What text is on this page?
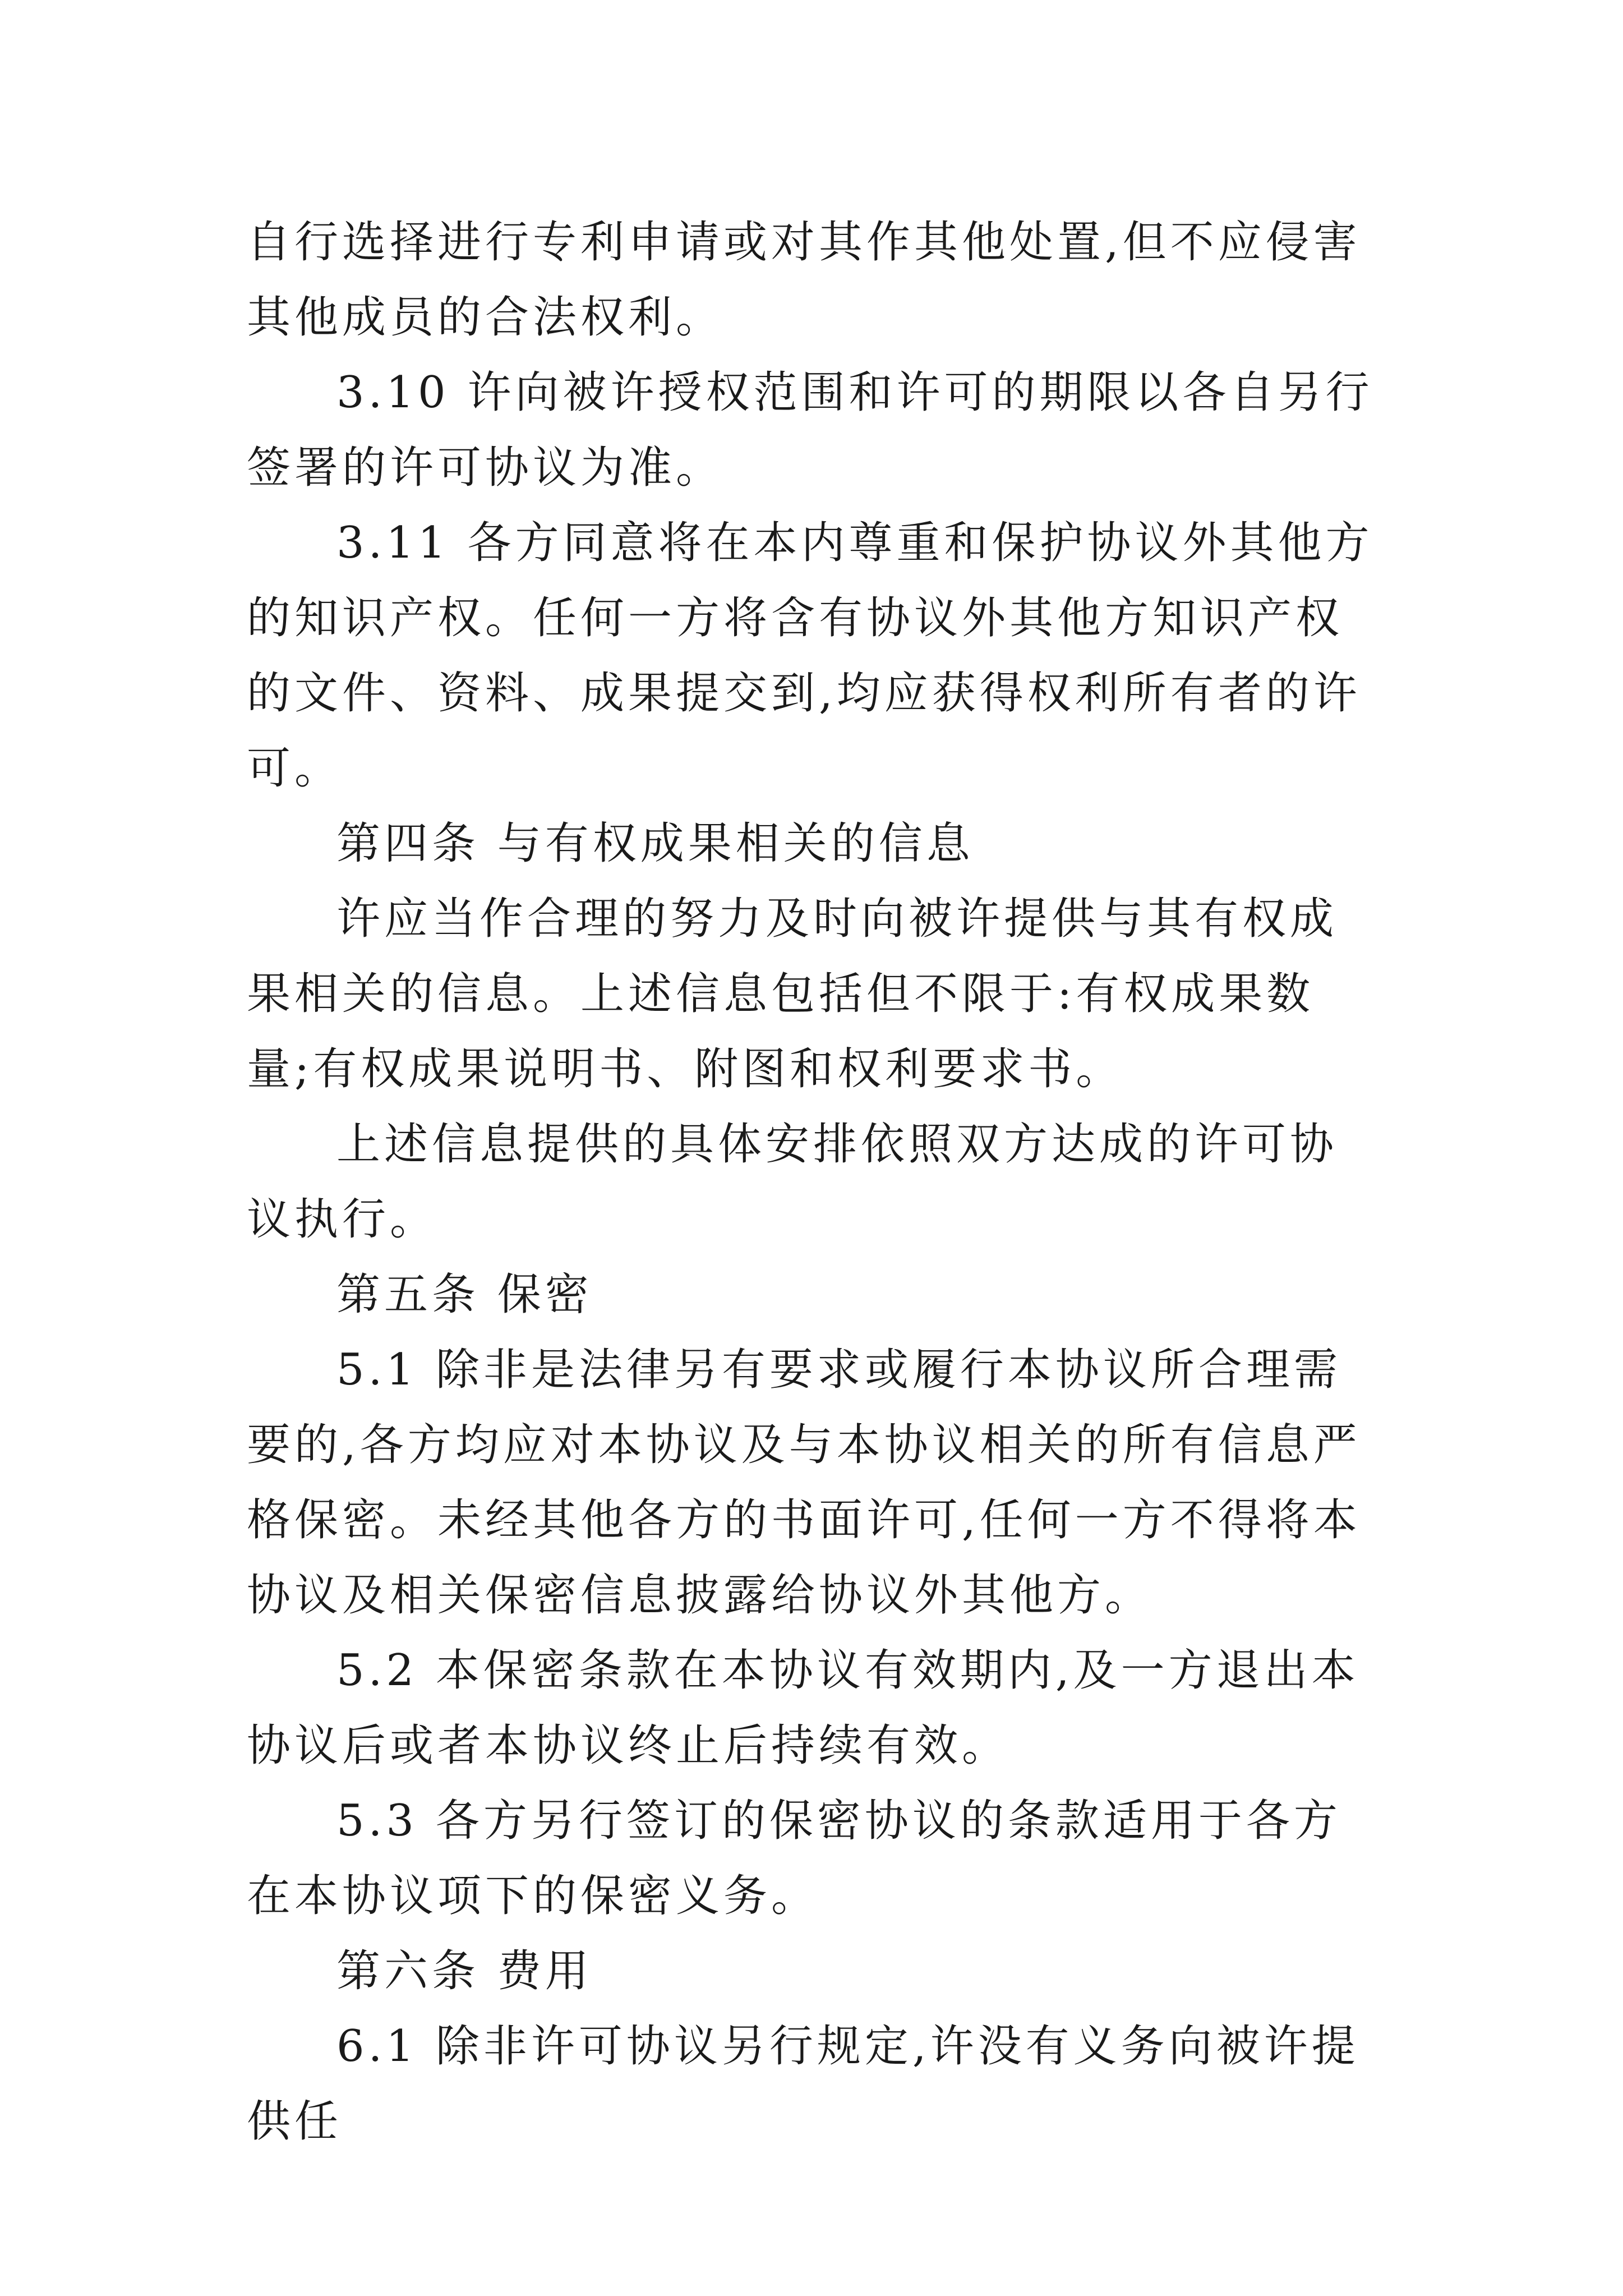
自行选择进行专利申请或对其作其他处置,但不应侵害其他成员的合法权利。

3.10 许向被许授权范围和许可的期限以各自另行签署的许可协议为准。

3.11 各方同意将在本内尊重和保护协议外其他方的知识产权。任何一方将含有协议外其他方知识产权的文件、资料、成果提交到,均应获得权利所有者的许可。

第四条 与有权成果相关的信息

许应当作合理的努力及时向被许提供与其有权成果相关的信息。上述信息包括但不限于:有权成果数量;有权成果说明书、附图和权利要求书。

上述信息提供的具体安排依照双方达成的许可协议执行。

第五条 保密

5.1 除非是法律另有要求或履行本协议所合理需要的,各方均应对本协议及与本协议相关的所有信息严格保密。未经其他各方的书面许可,任何一方不得将本协议及相关保密信息披露给协议外其他方。

5.2 本保密条款在本协议有效期内,及一方退出本协议后或者本协议终止后持续有效。

5.3 各方另行签订的保密协议的条款适用于各方在本协议项下的保密义务。

第六条 费用

6.1 除非许可协议另行规定,许没有义务向被许提供任
